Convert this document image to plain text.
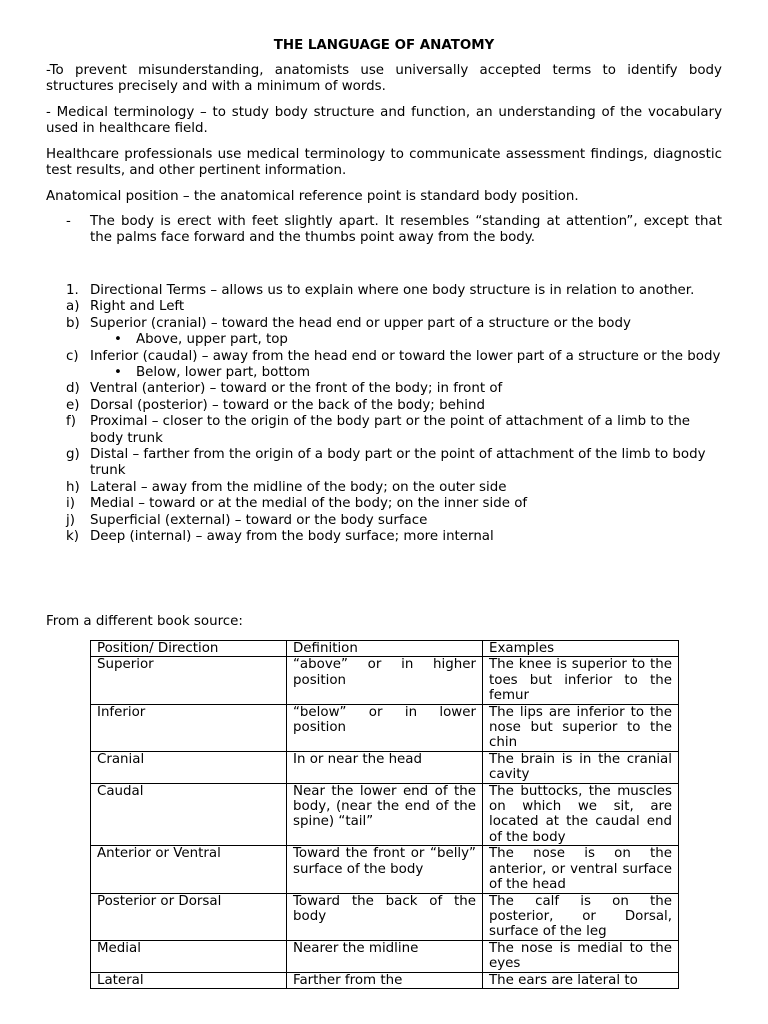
THE LANGUAGE OF ANATOMY

-To prevent misunderstanding, anatomists use universally accepted terms to identify body structures precisely and with a minimum of words.

- Medical terminology – to study body structure and function, an understanding of the vocabulary used in healthcare field.

Healthcare professionals use medical terminology to communicate assessment findings, diagnostic test results, and other pertinent information.

Anatomical position – the anatomical reference point is standard body position.

- The body is erect with feet slightly apart. It resembles “standing at attention”, except that the palms face forward and the thumbs point away from the body.
1. Directional Terms – allows us to explain where one body structure is in relation to another.
a) Right and Left
b) Superior (cranial) – toward the head end or upper part of a structure or the body
• Above, upper part, top
c) Inferior (caudal) – away from the head end or toward the lower part of a structure or the body
• Below, lower part, bottom
d) Ventral (anterior) – toward or the front of the body; in front of
e) Dorsal (posterior) – toward or the back of the body; behind
f) Proximal – closer to the origin of the body part or the point of attachment of a limb to the body trunk
g) Distal – farther from the origin of a body part or the point of attachment of the limb to body trunk
h) Lateral – away from the midline of the body; on the outer side
i) Medial – toward or at the medial of the body; on the inner side of
j) Superficial (external) – toward or the body surface
k) Deep (internal) – away from the body surface; more internal

From a different book source:

Position/ Direction	Definition	Examples
Superior	“above” or in higher position	The knee is superior to the toes but inferior to the femur
Inferior	“below” or in lower position	The lips are inferior to the nose but superior to the chin
Cranial	In or near the head	The brain is in the cranial cavity
Caudal	Near the lower end of the body, (near the end of the spine) “tail”	The buttocks, the muscles on which we sit, are located at the caudal end of the body
Anterior or Ventral	Toward the front or “belly” surface of the body	The nose is on the anterior, or ventral surface of the head
Posterior or Dorsal	Toward the back of the body	The calf is on the posterior, or Dorsal, surface of the leg
Medial	Nearer the midline	The nose is medial to the eyes
Lateral	Farther from the	The ears are lateral to
